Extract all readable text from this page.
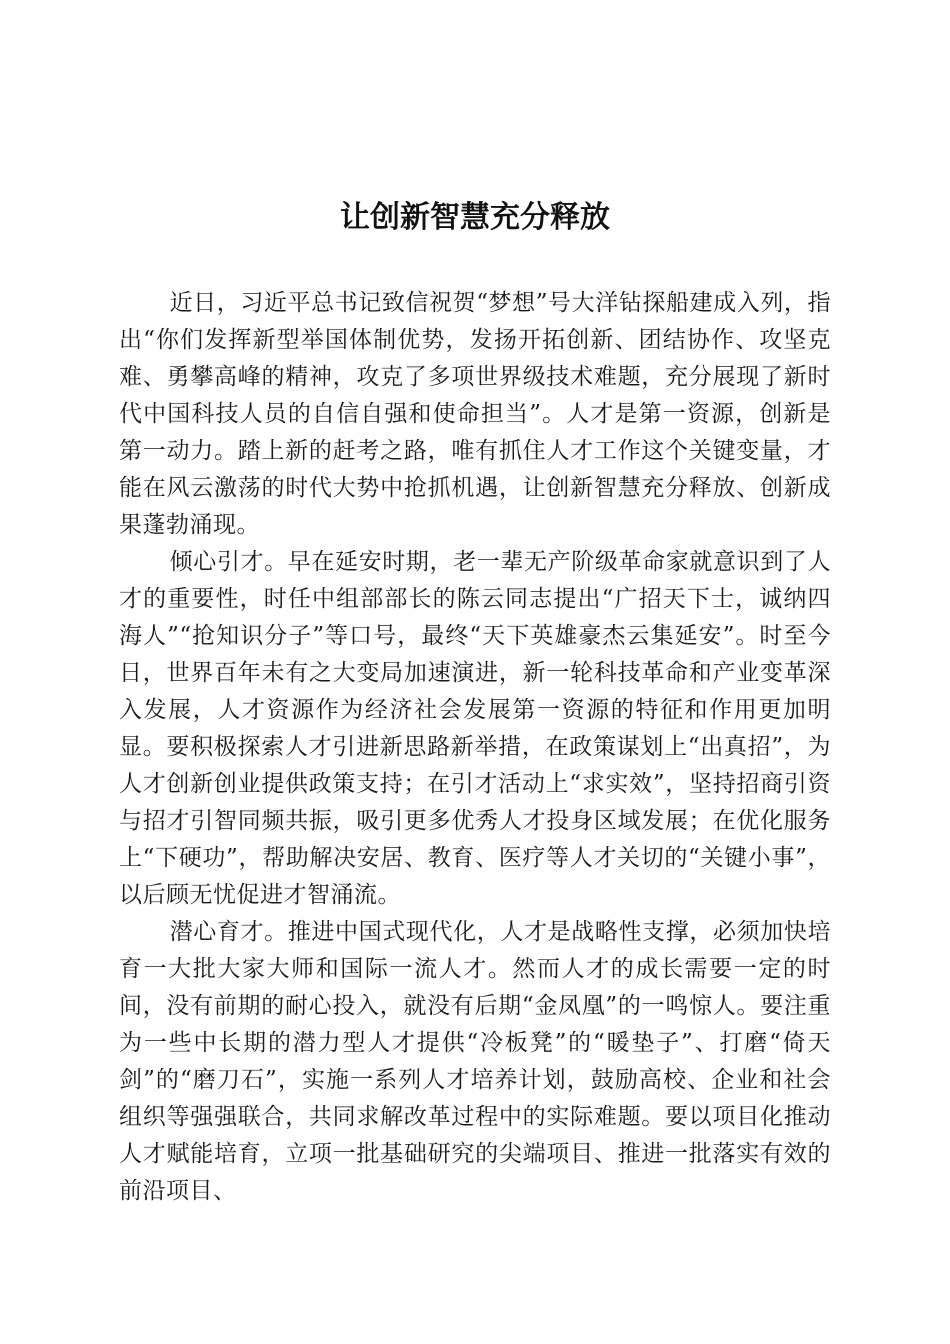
让创新智慧充分释放

近日，习近平总书记致信祝贺“梦想”号大洋钻探船建成入列，指出“你们发挥新型举国体制优势，发扬开拓创新、团结协作、攻坚克难、勇攀高峰的精神，攻克了多项世界级技术难题，充分展现了新时代中国科技人员的自信自强和使命担当”。人才是第一资源，创新是第一动力。踏上新的赶考之路，唯有抓住人才工作这个关键变量，才能在风云激荡的时代大势中抢抓机遇，让创新智慧充分释放、创新成果蓬勃涌现。

倾心引才。早在延安时期，老一辈无产阶级革命家就意识到了人才的重要性，时任中组部部长的陈云同志提出“广招天下士，诚纳四海人”“抢知识分子”等口号，最终“天下英雄豪杰云集延安”。时至今日，世界百年未有之大变局加速演进，新一轮科技革命和产业变革深入发展，人才资源作为经济社会发展第一资源的特征和作用更加明显。要积极探索人才引进新思路新举措，在政策谋划上“出真招”，为人才创新创业提供政策支持；在引才活动上“求实效”，坚持招商引资与招才引智同频共振，吸引更多优秀人才投身区域发展；在优化服务上“下硬功”，帮助解决安居、教育、医疗等人才关切的“关键小事”，以后顾无忧促进才智涌流。

潜心育才。推进中国式现代化，人才是战略性支撑，必须加快培育一大批大家大师和国际一流人才。然而人才的成长需要一定的时间，没有前期的耐心投入，就没有后期“金凤凰”的一鸣惊人。要注重为一些中长期的潜力型人才提供“冷板凳”的“暖垫子”、打磨“倚天剑”的“磨刀石”，实施一系列人才培养计划，鼓励高校、企业和社会组织等强强联合，共同求解改革过程中的实际难题。要以项目化推动人才赋能培育，立项一批基础研究的尖端项目、推进一批落实有效的前沿项目、
